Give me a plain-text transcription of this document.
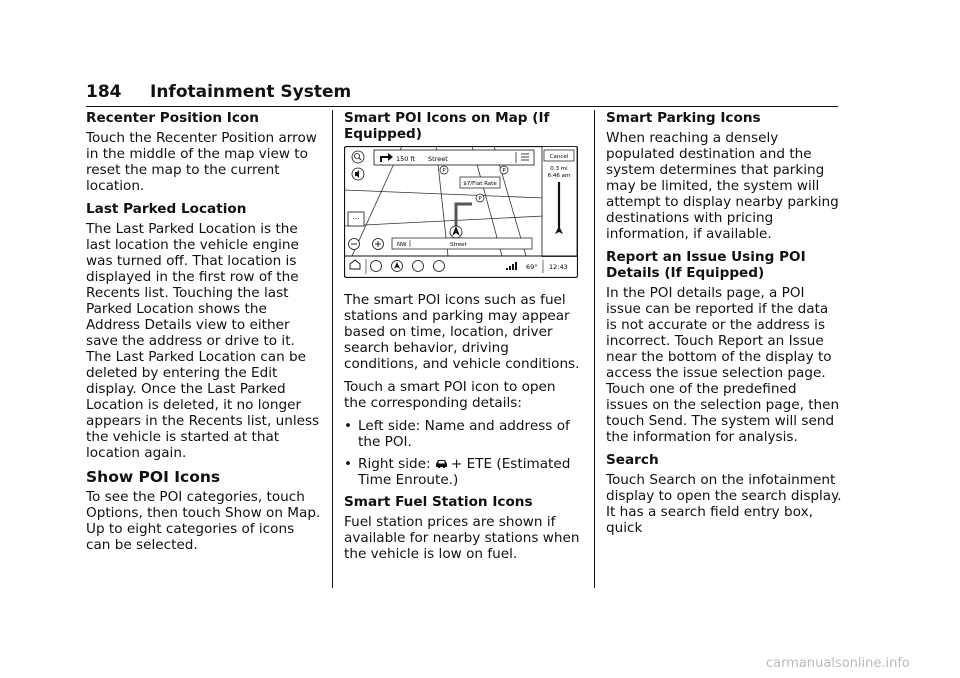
184 Infotainment System
Recenter Position Icon
Touch the Recenter Position arrow in the middle of the map view to reset the map to the current location.
Last Parked Location
The Last Parked Location is the last location the vehicle engine was turned off. That location is displayed in the first row of the Recents list. Touching the last Parked Location shows the Address Details view to either save the address or drive to it. The Last Parked Location can be deleted by entering the Edit display. Once the Last Parked Location is deleted, it no longer appears in the Recents list, unless the vehicle is started at that location again.
Show POI Icons
To see the POI categories, touch Options, then touch Show on Map. Up to eight categories of icons can be selected.
Smart POI Icons on Map (If Equipped)
150 ft Street	Cancel
0.3 mi
6:46 am
P	P
P
$7/Flat Rate
···
NW	Street
69° 12:43
The smart POI icons such as fuel stations and parking may appear based on time, location, driver search behavior, driving conditions, and vehicle conditions.
Touch a smart POI icon to open the corresponding details:
• Left side: Name and address of the POI.
• Right side: + ETE (Estimated Time Enroute.)
Smart Fuel Station Icons
Fuel station prices are shown if available for nearby stations when the vehicle is low on fuel.
Smart Parking Icons
When reaching a densely populated destination and the system determines that parking may be limited, the system will attempt to display nearby parking destinations with pricing information, if available.
Report an Issue Using POI Details (If Equipped)
In the POI details page, a POI issue can be reported if the data is not accurate or the address is incorrect. Touch Report an Issue near the bottom of the display to access the issue selection page. Touch one of the predefined issues on the selection page, then touch Send. The system will send the information for analysis.
Search
Touch Search on the infotainment display to open the search display. It has a search field entry box, quick
carmanualsonline.info
